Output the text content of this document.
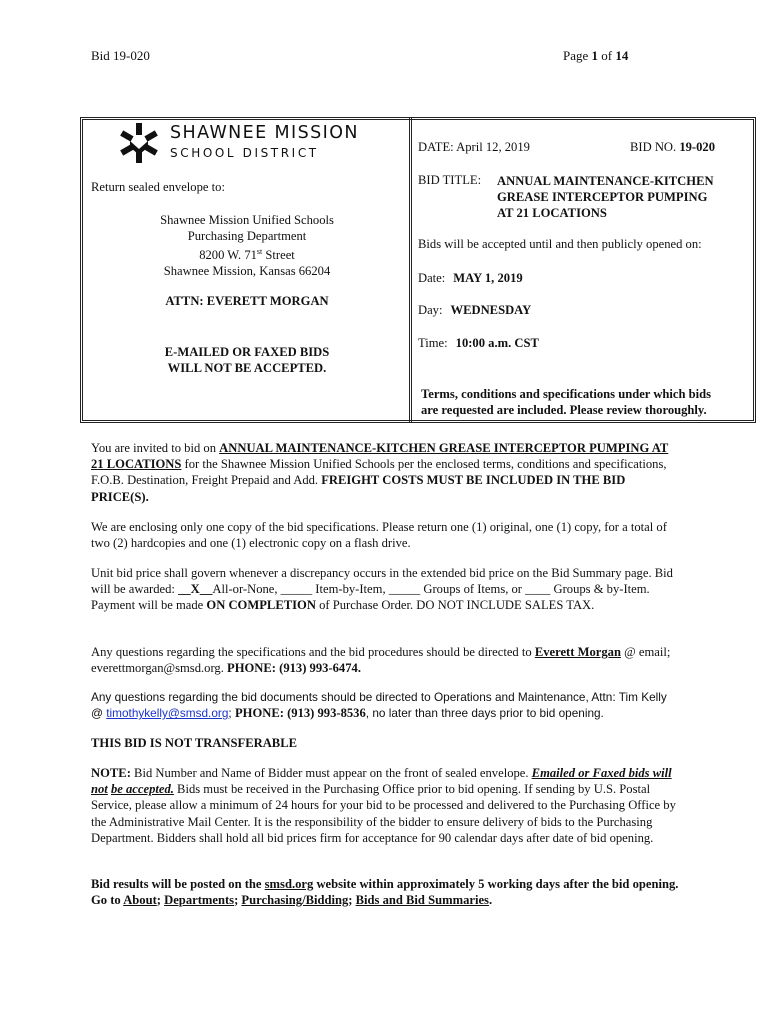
Bid 19-020	Page 1 of 14
SHAWNEE MISSION
SCHOOL DISTRICT
Return sealed envelope to:
Shawnee Mission Unified Schools
Purchasing Department
8200 W. 71st Street
Shawnee Mission, Kansas 66204
ATTN: EVERETT MORGAN
E-MAILED OR FAXED BIDS
WILL NOT BE ACCEPTED.
DATE: April 12, 2019	BID NO. 19-020
BID TITLE: ANNUAL MAINTENANCE-KITCHEN
GREASE INTERCEPTOR PUMPING
AT 21 LOCATIONS
Bids will be accepted until and then publicly opened on:
Date: MAY 1, 2019
Day: WEDNESDAY
Time: 10:00 a.m. CST
Terms, conditions and specifications under which bids
are requested are included. Please review thoroughly.
You are invited to bid on ANNUAL MAINTENANCE-KITCHEN GREASE INTERCEPTOR PUMPING AT 21 LOCATIONS for the Shawnee Mission Unified Schools per the enclosed terms, conditions and specifications, F.O.B. Destination, Freight Prepaid and Add. FREIGHT COSTS MUST BE INCLUDED IN THE BID PRICE(S).
We are enclosing only one copy of the bid specifications. Please return one (1) original, one (1) copy, for a total of two (2) hardcopies and one (1) electronic copy on a flash drive.
Unit bid price shall govern whenever a discrepancy occurs in the extended bid price on the Bid Summary page. Bid will be awarded: __X__All-or-None, _____ Item-by-Item, _____ Groups of Items, or ____ Groups & by-Item. Payment will be made ON COMPLETION of Purchase Order. DO NOT INCLUDE SALES TAX.
Any questions regarding the specifications and the bid procedures should be directed to Everett Morgan @ email; everettmorgan@smsd.org. PHONE: (913) 993-6474.
Any questions regarding the bid documents should be directed to Operations and Maintenance, Attn: Tim Kelly @ timothykelly@smsd.org; PHONE: (913) 993-8536, no later than three days prior to bid opening.
THIS BID IS NOT TRANSFERABLE
NOTE: Bid Number and Name of Bidder must appear on the front of sealed envelope. Emailed or Faxed bids will not be accepted. Bids must be received in the Purchasing Office prior to bid opening. If sending by U.S. Postal Service, please allow a minimum of 24 hours for your bid to be processed and delivered to the Purchasing Office by the Administrative Mail Center. It is the responsibility of the bidder to ensure delivery of bids to the Purchasing Department. Bidders shall hold all bid prices firm for acceptance for 90 calendar days after date of bid opening.
Bid results will be posted on the smsd.org website within approximately 5 working days after the bid opening. Go to About; Departments; Purchasing/Bidding; Bids and Bid Summaries.
